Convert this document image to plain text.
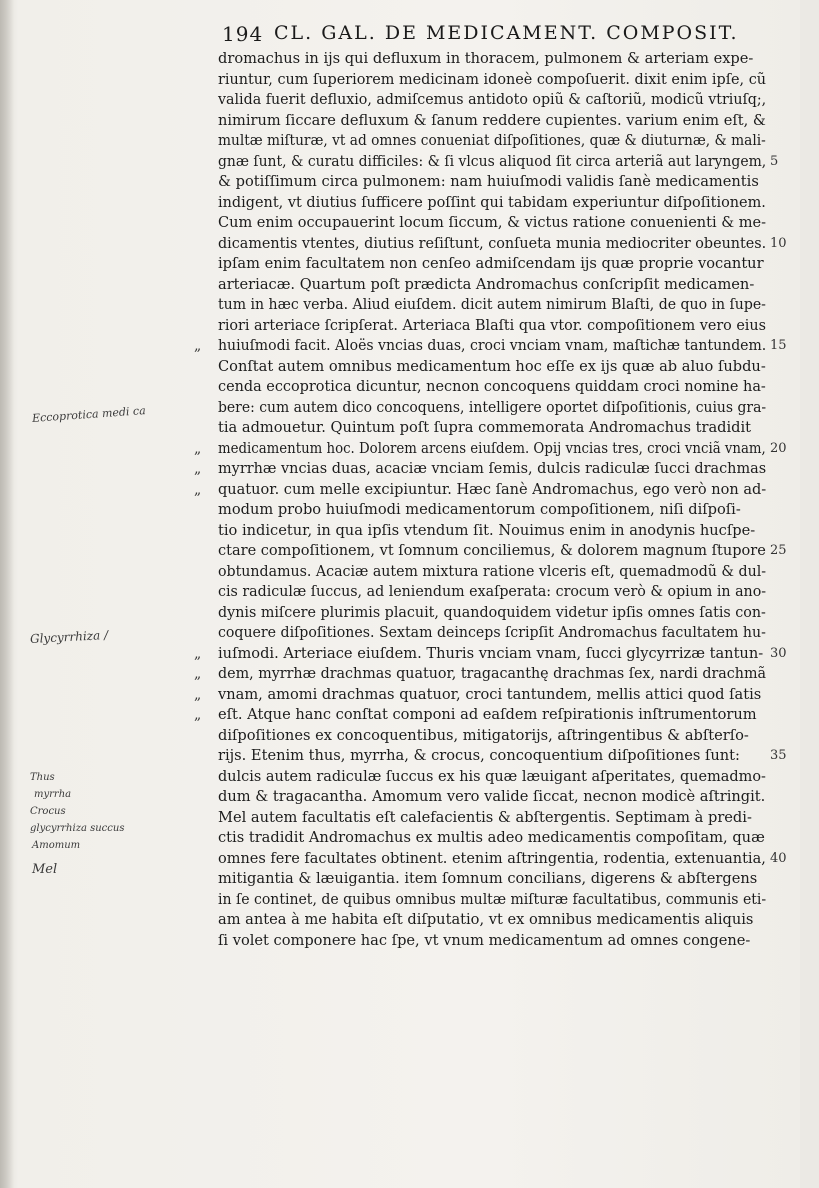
194 CL. GAL. DE MEDICAMENT. COMPOSIT.
dromachus in ijs qui defluxum in thoracem, pulmonem & arteriam expe-
riuntur, cum ſuperiorem medicinam idoneè compoſuerit. dixit enim ipſe, cũ
valida fuerit defluxio, admiſcemus antidoto opiũ & caſtoriũ, modicũ vtriuſq;,
nimirum ſiccare defluxum & ſanum reddere cupientes. varium enim eſt, &
multæ miſturæ, vt ad omnes conueniat diſpoſitiones, quæ & diuturnæ, & mali-
gnæ ſunt, & curatu difficiles: & ſi vlcus aliquod ſit circa arteriã aut laryngem, 5
& potiſſimum circa pulmonem: nam huiuſmodi validis ſanè medicamentis
indigent, vt diutius ſufficere poſſint qui tabidam experiuntur diſpoſitionem.
Cum enim occupauerint locum ſiccum, & victus ratione conuenienti & me-
dicamentis vtentes, diutius reſiſtunt, conſueta munia mediocriter obeuntes. 10
ipſam enim facultatem non cenſeo admiſcendam ijs quæ proprie vocantur
arteriacæ. Quartum poſt prædicta Andromachus conſcripſit medicamen-
tum in hæc verba. Aliud eiuſdem. dicit autem nimirum Blaſti, de quo in ſupe-
riori arteriace ſcripſerat. Arteriaca Blaſti qua vtor. compoſitionem vero eius
„ huiuſmodi facit. Aloës vncias duas, croci vnciam vnam, maſtichæ tantundem. 15
Conſtat autem omnibus medicamentum hoc eſſe ex ijs quæ ab aluo ſubdu-
cenda eccoprotica dicuntur, necnon concoquens quiddam croci nomine ha-
bere: cum autem dico concoquens, intelligere oportet diſpoſitionis, cuius gra-
tia admouetur. Quintum poſt ſupra commemorata Andromachus tradidit
„ medicamentum hoc. Dolorem arcens eiuſdem. Opij vncias tres, croci vnciã vnam, 20
„ myrrhæ vncias duas, acaciæ vnciam ſemis, dulcis radiculæ ſucci drachmas
„ quatuor. cum melle excipiuntur. Hæc ſanè Andromachus, ego verò non ad-
modum probo huiuſmodi medicamentorum compoſitionem, niſi diſpoſi-
tio indicetur, in qua ipſis vtendum ſit. Nouimus enim in anodynis hucſpe-
ctare compoſitionem, vt ſomnum conciliemus, & dolorem magnum ſtupore 25
obtundamus. Acaciæ autem mixtura ratione vlceris eſt, quemadmodũ & dul-
cis radiculæ ſuccus, ad leniendum exaſperata: crocum verò & opium in ano-
dynis miſcere plurimis placuit, quandoquidem videtur ipſis omnes ſatis con-
coquere diſpoſitiones. Sextam deinceps ſcripſit Andromachus facultatem hu-
„ iuſmodi. Arteriace eiuſdem. Thuris vnciam vnam, ſucci glycyrrizæ tantun- 30
„ dem, myrrhæ drachmas quatuor, tragacanthę drachmas ſex, nardi drachmã
„ vnam, amomi drachmas quatuor, croci tantundem, mellis attici quod ſatis
„ eſt. Atque hanc conſtat componi ad eaſdem reſpirationis inſtrumentorum
diſpoſitiones ex concoquentibus, mitigatorijs, aſtringentibus & abſterſo-
rijs. Etenim thus, myrrha, & crocus, concoquentium diſpoſitiones ſunt: 35
dulcis autem radiculæ ſuccus ex his quæ læuigant aſperitates, quemadmo-
dum & tragacantha. Amomum vero valide ſiccat, necnon modicè aſtringit.
Mel autem facultatis eſt calefacientis & abſtergentis. Septimam à predi-
ctis tradidit Andromachus ex multis adeo medicamentis compoſitam, quæ
omnes fere facultates obtinent. etenim aſtringentia, rodentia, extenuantia, 40
mitigantia & læuigantia. item ſomnum concilians, digerens & abſtergens
in ſe continet, de quibus omnibus multæ miſturæ facultatibus, communis eti-
am antea à me habita eſt diſputatio, vt ex omnibus medicamentis aliquis
ſi volet componere hac ſpe, vt vnum medicamentum ad omnes congene-
Eccoprotica medi ca
Glycyrrhiza /
Thus
myrrha
Crocus
glycyrrhiza succus
Amomum
Mel
